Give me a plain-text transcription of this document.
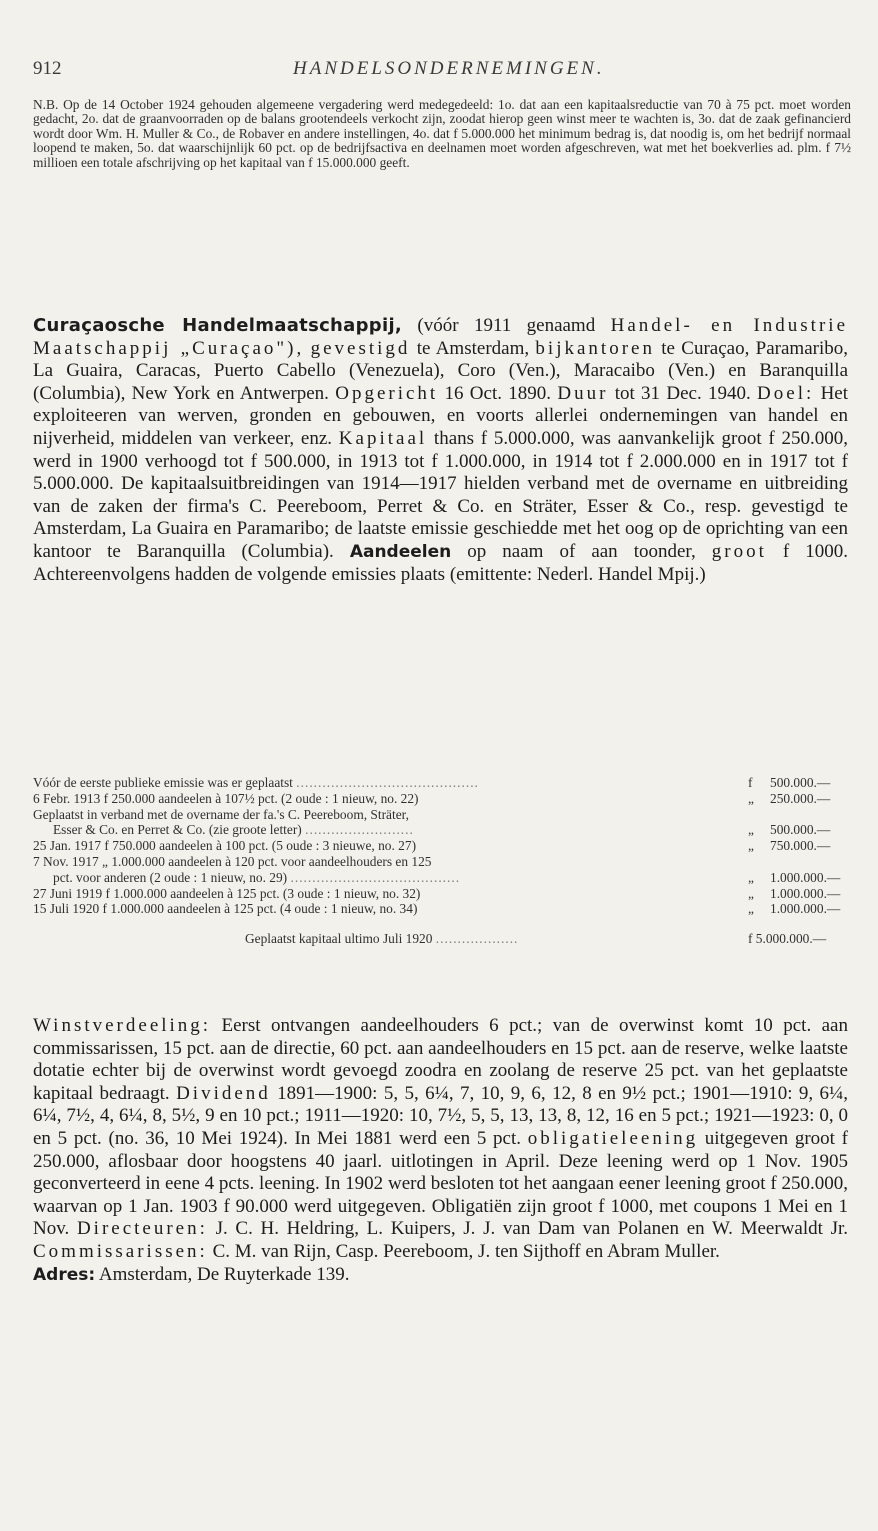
912	HANDELSONDERNEMINGEN.
N.B. Op de 14 October 1924 gehouden algemeene vergadering werd medegedeeld: 1o. dat aan een kapitaalsreductie van 70 à 75 pct. moet worden gedacht, 2o. dat de graanvoorraden op de balans grootendeels verkocht zijn, zoodat hierop geen winst meer te wachten is, 3o. dat de zaak gefinancierd wordt door Wm. H. Muller & Co., de Robaver en andere instellingen, 4o. dat f 5.000.000 het minimum bedrag is, dat noodig is, om het bedrijf normaal loopend te maken, 5o. dat waarschijnlijk 60 pct. op de bedrijfsactiva en deelnamen moet worden afgeschreven, wat met het boekverlies ad. plm. f 7½ millioen een totale afschrijving op het kapitaal van f 15.000.000 geeft.
Curaçaosche Handelmaatschappij, (vóór 1911 genaamd Handel- en Industrie Maatschappij „Curaçao"), gevestigd te Amsterdam, bijkantoren te Curaçao, Paramaribo, La Guaira, Caracas, Puerto Cabello (Venezuela), Coro (Ven.), Maracaibo (Ven.) en Baranquilla (Columbia), New York en Antwerpen. Opgericht 16 Oct. 1890. Duur tot 31 Dec. 1940. Doel: Het exploiteeren van werven, gronden en gebouwen, en voorts allerlei ondernemingen van handel en nijverheid, middelen van verkeer, enz. Kapitaal thans f 5.000.000, was aanvankelijk groot f 250.000, werd in 1900 verhoogd tot f 500.000, in 1913 tot f 1.000.000, in 1914 tot f 2.000.000 en in 1917 tot f 5.000.000. De kapitaalsuitbreidingen van 1914—1917 hielden verband met de overname en uitbreiding van de zaken der firma's C. Peereboom, Perret & Co. en Sträter, Esser & Co., resp. gevestigd te Amsterdam, La Guaira en Paramaribo; de laatste emissie geschiedde met het oog op de oprichting van een kantoor te Baranquilla (Columbia). Aandeelen op naam of aan toonder, groot f 1000. Achtereenvolgens hadden de volgende emissies plaats (emittente: Nederl. Handel Mpij.)
Vóór de eerste publieke emissie was er geplaatst ..........................................	f	500.000.—
6 Febr. 1913 f 250.000 aandeelen à 107½ pct. (2 oude : 1 nieuw, no. 22)	„	250.000.—
Geplaatst in verband met de overname der fa.'s C. Peereboom, Sträter,
Esser & Co. en Perret & Co. (zie groote letter) .........................	„	500.000.—
25 Jan. 1917 f 750.000 aandeelen à 100 pct. (5 oude : 3 nieuwe, no. 27)	„	750.000.—
7 Nov. 1917 „ 1.000.000 aandeelen à 120 pct. voor aandeelhouders en 125
pct. voor anderen (2 oude : 1 nieuw, no. 29) .......................................	„	1.000.000.—
27 Juni 1919 f 1.000.000 aandeelen à 125 pct. (3 oude : 1 nieuw, no. 32)	„	1.000.000.—
15 Juli 1920 f 1.000.000 aandeelen à 125 pct. (4 oude : 1 nieuw, no. 34)	„	1.000.000.—
Geplaatst kapitaal ultimo Juli 1920 ...................	f 5.000.000.—
Winstverdeeling: Eerst ontvangen aandeelhouders 6 pct.; van de overwinst komt 10 pct. aan commissarissen, 15 pct. aan de directie, 60 pct. aan aandeelhouders en 15 pct. aan de reserve, welke laatste dotatie echter bij de overwinst wordt gevoegd zoodra en zoolang de reserve 25 pct. van het geplaatste kapitaal bedraagt. Dividend 1891—1900: 5, 5, 6¼, 7, 10, 9, 6, 12, 8 en 9½ pct.; 1901—1910: 9, 6¼, 6¼, 7½, 4, 6¼, 8, 5½, 9 en 10 pct.; 1911—1920: 10, 7½, 5, 5, 13, 13, 8, 12, 16 en 5 pct.; 1921—1923: 0, 0 en 5 pct. (no. 36, 10 Mei 1924). In Mei 1881 werd een 5 pct. obligatieleening uitgegeven groot f 250.000, aflosbaar door hoogstens 40 jaarl. uitlotingen in April. Deze leening werd op 1 Nov. 1905 geconverteerd in eene 4 pcts. leening. In 1902 werd besloten tot het aangaan eener leening groot f 250.000, waarvan op 1 Jan. 1903 f 90.000 werd uitgegeven. Obligatiën zijn groot f 1000, met coupons 1 Mei en 1 Nov. Directeuren: J. C. H. Heldring, L. Kuipers, J. J. van Dam van Polanen en W. Meerwaldt Jr. Commissarissen: C. M. van Rijn, Casp. Peereboom, J. ten Sijthoff en Abram Muller.
Adres: Amsterdam, De Ruyterkade 139.
